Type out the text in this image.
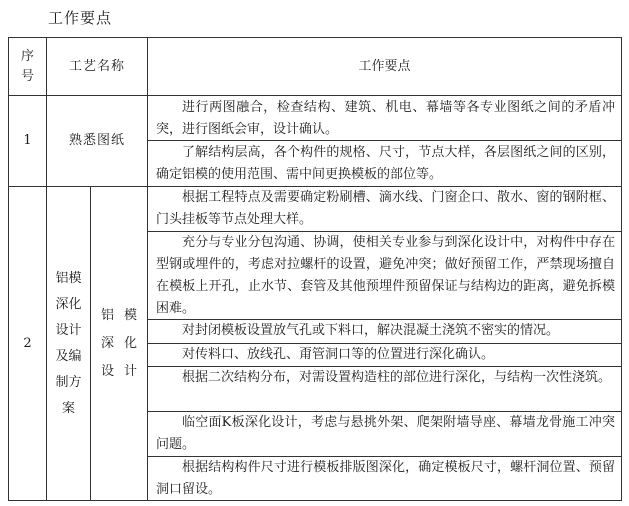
工作要点
序
号
工艺名称	工作要点
1	熟悉图纸
进行两图融合，检查结构、建筑、机电、幕墙等各专业图纸之间的矛盾冲突，进行图纸会审，设计确认。
了解结构层高，各个构件的规格、尺寸，节点大样，各层图纸之间的区别，确定铝模的使用范围、需中间更换模板的部位等。
2
铝模
深化
设计
及编
制方
案
铝模
深化
设计
根据工程特点及需要确定粉刷槽、滴水线、门窗企口、散水、窗的钢附框、门头挂板等节点处理大样。
充分与专业分包沟通、协调，使相关专业参与到深化设计中，对构件中存在型钢或埋件的，考虑对拉螺杆的设置，避免冲突；做好预留工作，严禁现场擅自在模板上开孔，止水节、套管及其他预埋件预留保证与结构边的距离，避免拆模困难。
对封闭模板设置放气孔或下料口，解决混凝土浇筑不密实的情况。
对传料口、放线孔、甭管洞口等的位置进行深化确认。
根据二次结构分布，对需设置构造柱的部位进行深化，与结构一次性浇筑。
临空面K板深化设计，考虑与悬挑外架、爬架附墙导座、幕墙龙骨施工冲突问题。
根据结构构件尺寸进行模板排版图深化，确定模板尺寸，螺杆洞位置、预留洞口留设。
